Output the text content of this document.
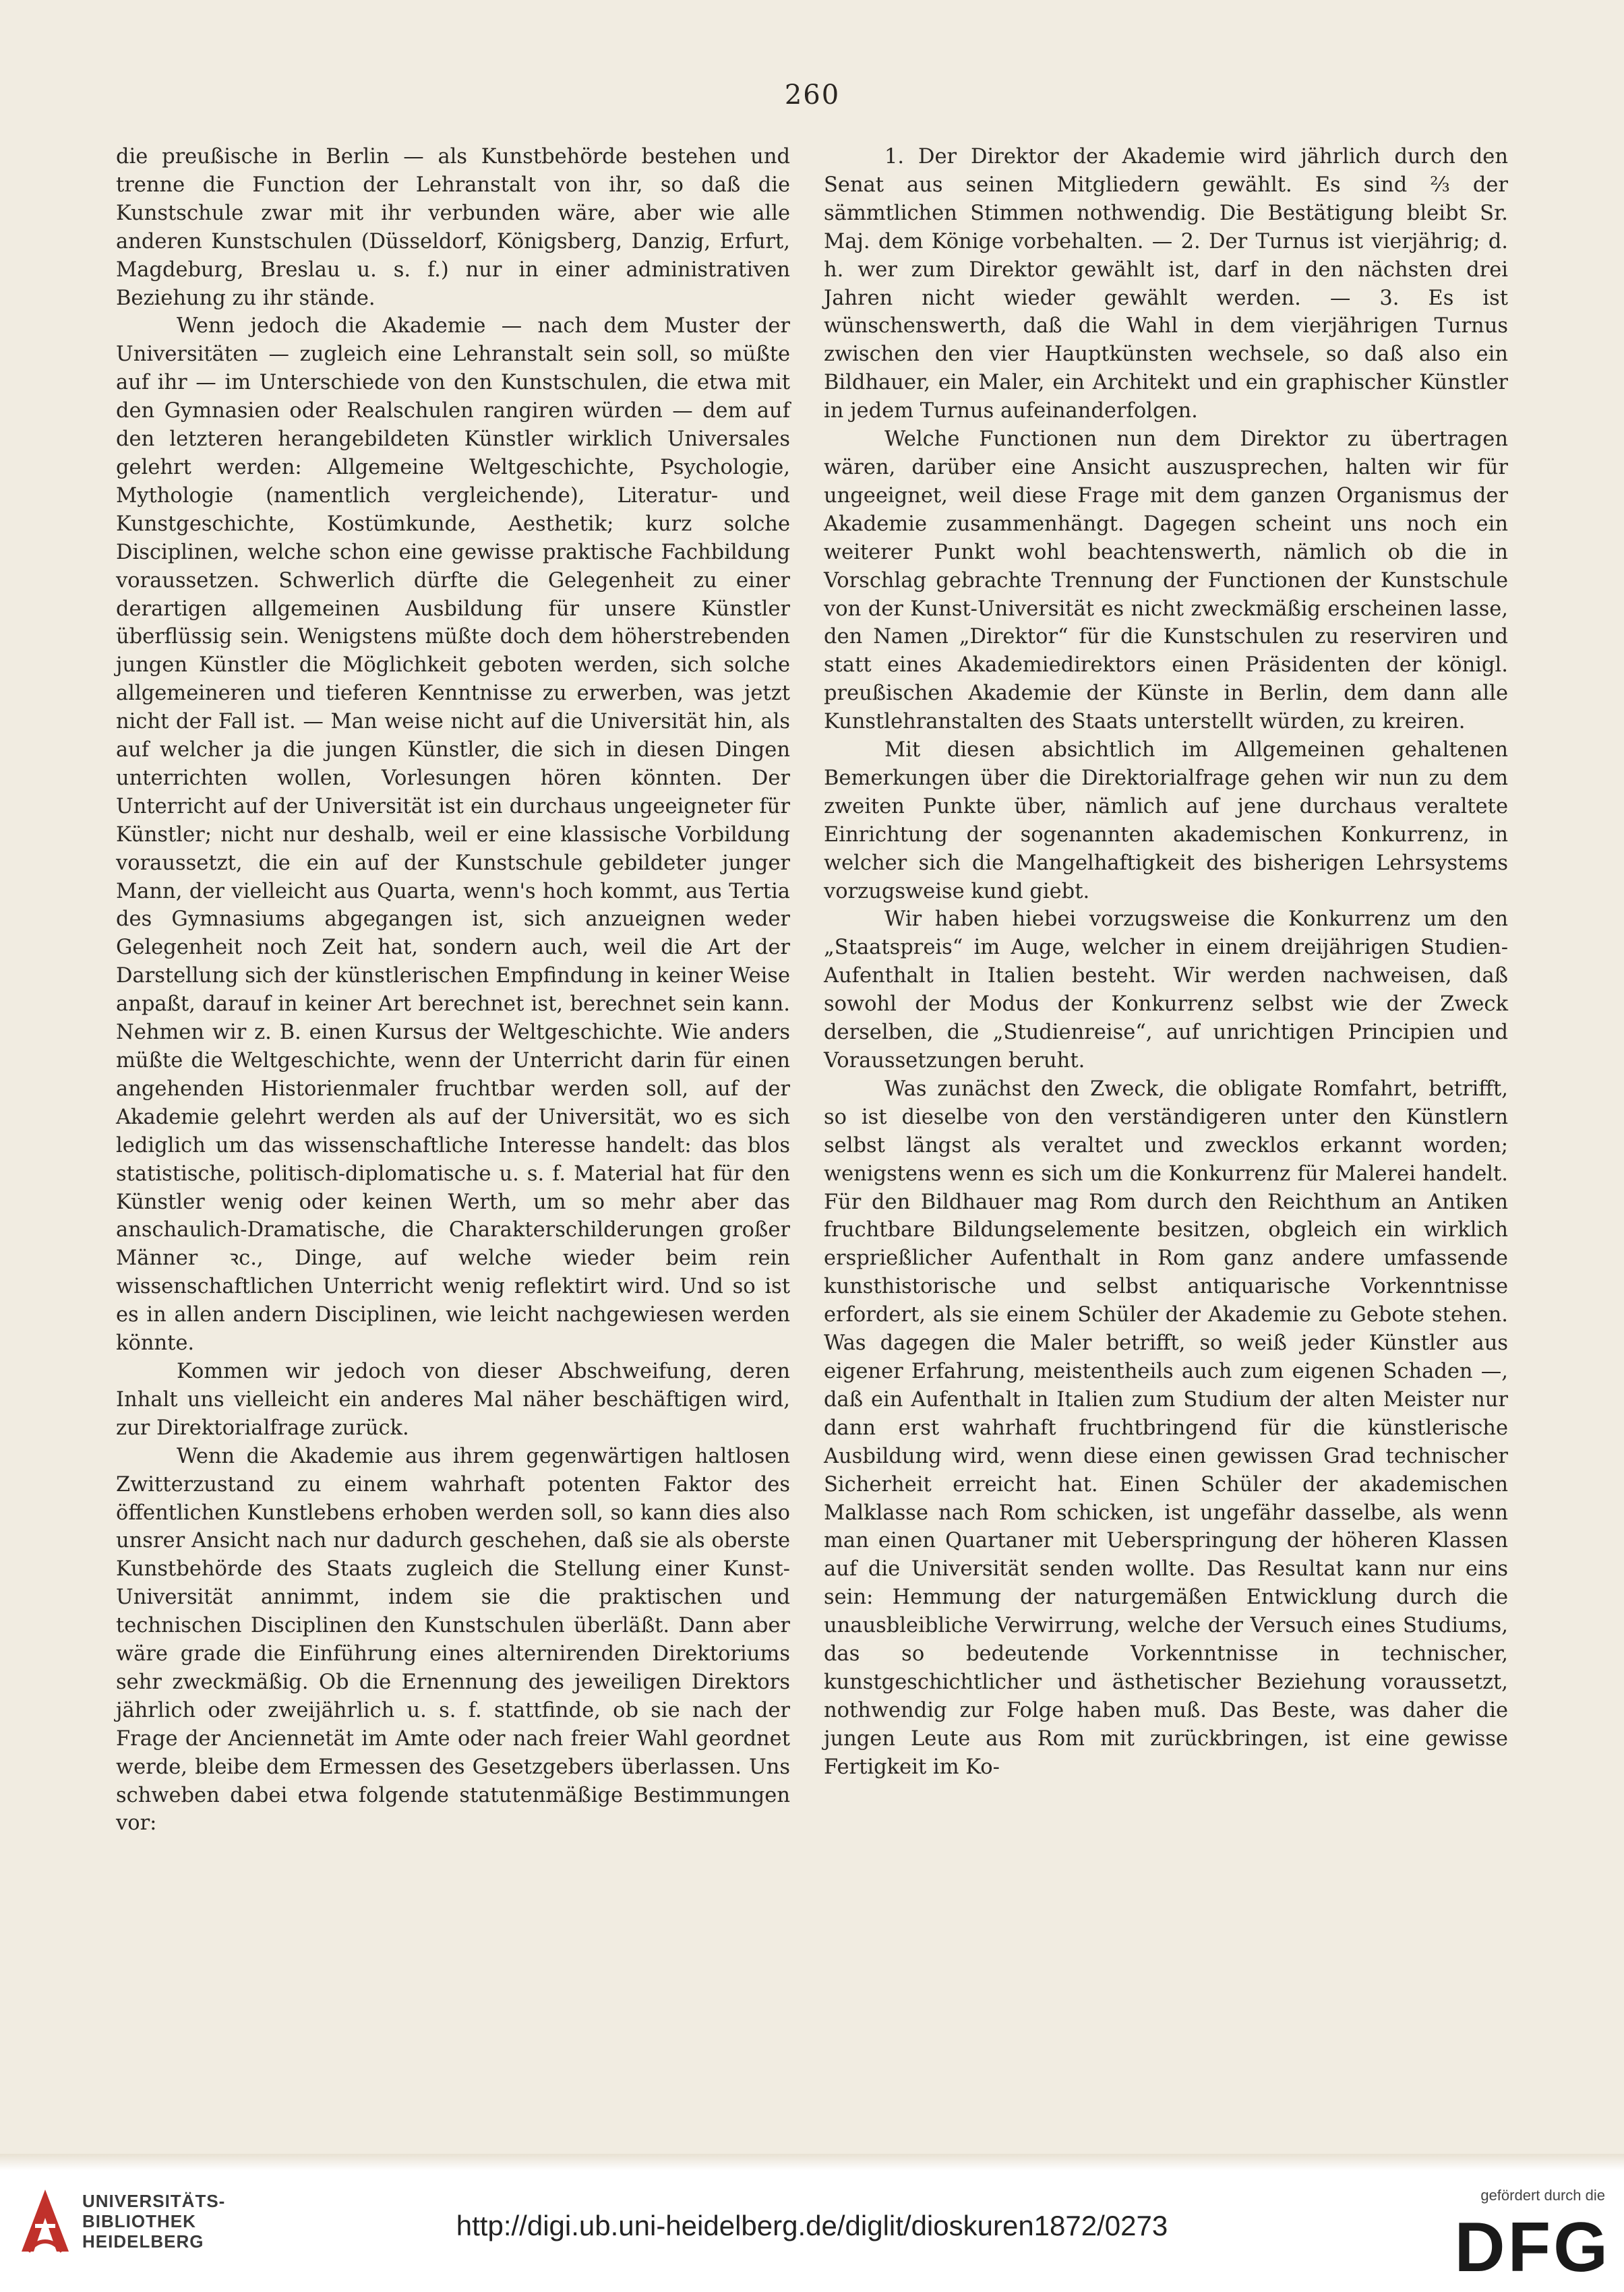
260

die preußische in Berlin — als Kunstbehörde bestehen und trenne die Function der Lehranstalt von ihr, so daß die Kunstschule zwar mit ihr verbunden wäre, aber wie alle anderen Kunstschulen (Düsseldorf, Königsberg, Danzig, Erfurt, Magdeburg, Breslau u. s. f.) nur in einer administrativen Beziehung zu ihr stände.

Wenn jedoch die Akademie — nach dem Muster der Universitäten — zugleich eine Lehranstalt sein soll, so müßte auf ihr — im Unterschiede von den Kunstschulen, die etwa mit den Gymnasien oder Realschulen rangiren würden — dem auf den letzteren herangebildeten Künstler wirklich Universales gelehrt werden: Allgemeine Weltgeschichte, Psychologie, Mythologie (namentlich vergleichende), Literatur- und Kunstgeschichte, Kostümkunde, Aesthetik; kurz solche Disciplinen, welche schon eine gewisse praktische Fachbildung voraussetzen. Schwerlich dürfte die Gelegenheit zu einer derartigen allgemeinen Ausbildung für unsere Künstler überflüssig sein. Wenigstens müßte doch dem höherstrebenden jungen Künstler die Möglichkeit geboten werden, sich solche allgemeineren und tieferen Kenntnisse zu erwerben, was jetzt nicht der Fall ist. — Man weise nicht auf die Universität hin, als auf welcher ja die jungen Künstler, die sich in diesen Dingen unterrichten wollen, Vorlesungen hören könnten. Der Unterricht auf der Universität ist ein durchaus ungeeigneter für Künstler; nicht nur deshalb, weil er eine klassische Vorbildung voraussetzt, die ein auf der Kunstschule gebildeter junger Mann, der vielleicht aus Quarta, wenn's hoch kommt, aus Tertia des Gymnasiums abgegangen ist, sich anzueignen weder Gelegenheit noch Zeit hat, sondern auch, weil die Art der Darstellung sich der künstlerischen Empfindung in keiner Weise anpaßt, darauf in keiner Art berechnet ist, berechnet sein kann. Nehmen wir z. B. einen Kursus der Weltgeschichte. Wie anders müßte die Weltgeschichte, wenn der Unterricht darin für einen angehenden Historienmaler fruchtbar werden soll, auf der Akademie gelehrt werden als auf der Universität, wo es sich lediglich um das wissenschaftliche Interesse handelt: das blos statistische, politisch-diplomatische u. s. f. Material hat für den Künstler wenig oder keinen Werth, um so mehr aber das anschaulich-Dramatische, die Charakterschilderungen großer Männer ꝛc., Dinge, auf welche wieder beim rein wissenschaftlichen Unterricht wenig reflektirt wird. Und so ist es in allen andern Disciplinen, wie leicht nachgewiesen werden könnte.

Kommen wir jedoch von dieser Abschweifung, deren Inhalt uns vielleicht ein anderes Mal näher beschäftigen wird, zur Direktorialfrage zurück.

Wenn die Akademie aus ihrem gegenwärtigen haltlosen Zwitterzustand zu einem wahrhaft potenten Faktor des öffentlichen Kunstlebens erhoben werden soll, so kann dies also unsrer Ansicht nach nur dadurch geschehen, daß sie als oberste Kunstbehörde des Staats zugleich die Stellung einer Kunst-Universität annimmt, indem sie die praktischen und technischen Disciplinen den Kunstschulen überläßt. Dann aber wäre grade die Einführung eines alternirenden Direktoriums sehr zweckmäßig. Ob die Ernennung des jeweiligen Direktors jährlich oder zweijährlich u. s. f. stattfinde, ob sie nach der Frage der Anciennetät im Amte oder nach freier Wahl geordnet werde, bleibe dem Ermessen des Gesetzgebers überlassen. Uns schweben dabei etwa folgende statutenmäßige Bestimmungen vor:

1. Der Direktor der Akademie wird jährlich durch den Senat aus seinen Mitgliedern gewählt. Es sind ⅔ der sämmtlichen Stimmen nothwendig. Die Bestätigung bleibt Sr. Maj. dem Könige vorbehalten. — 2. Der Turnus ist vierjährig; d. h. wer zum Direktor gewählt ist, darf in den nächsten drei Jahren nicht wieder gewählt werden. — 3. Es ist wünschenswerth, daß die Wahl in dem vierjährigen Turnus zwischen den vier Hauptkünsten wechsele, so daß also ein Bildhauer, ein Maler, ein Architekt und ein graphischer Künstler in jedem Turnus aufeinanderfolgen.

Welche Functionen nun dem Direktor zu übertragen wären, darüber eine Ansicht auszusprechen, halten wir für ungeeignet, weil diese Frage mit dem ganzen Organismus der Akademie zusammenhängt. Dagegen scheint uns noch ein weiterer Punkt wohl beachtenswerth, nämlich ob die in Vorschlag gebrachte Trennung der Functionen der Kunstschule von der Kunst-Universität es nicht zweckmäßig erscheinen lasse, den Namen „Direktor“ für die Kunstschulen zu reserviren und statt eines Akademiedirektors einen Präsidenten der königl. preußischen Akademie der Künste in Berlin, dem dann alle Kunstlehranstalten des Staats unterstellt würden, zu kreiren.

Mit diesen absichtlich im Allgemeinen gehaltenen Bemerkungen über die Direktorialfrage gehen wir nun zu dem zweiten Punkte über, nämlich auf jene durchaus veraltete Einrichtung der sogenannten akademischen Konkurrenz, in welcher sich die Mangelhaftigkeit des bisherigen Lehrsystems vorzugsweise kund giebt.

Wir haben hiebei vorzugsweise die Konkurrenz um den „Staatspreis“ im Auge, welcher in einem dreijährigen Studien-Aufenthalt in Italien besteht. Wir werden nachweisen, daß sowohl der Modus der Konkurrenz selbst wie der Zweck derselben, die „Studienreise“, auf unrichtigen Principien und Voraussetzungen beruht.

Was zunächst den Zweck, die obligate Romfahrt, betrifft, so ist dieselbe von den verständigeren unter den Künstlern selbst längst als veraltet und zwecklos erkannt worden; wenigstens wenn es sich um die Konkurrenz für Malerei handelt. Für den Bildhauer mag Rom durch den Reichthum an Antiken fruchtbare Bildungselemente besitzen, obgleich ein wirklich ersprießlicher Aufenthalt in Rom ganz andere umfassende kunsthistorische und selbst antiquarische Vorkenntnisse erfordert, als sie einem Schüler der Akademie zu Gebote stehen. Was dagegen die Maler betrifft, so weiß jeder Künstler aus eigener Erfahrung, meistentheils auch zum eigenen Schaden —, daß ein Aufenthalt in Italien zum Studium der alten Meister nur dann erst wahrhaft fruchtbringend für die künstlerische Ausbildung wird, wenn diese einen gewissen Grad technischer Sicherheit erreicht hat. Einen Schüler der akademischen Malklasse nach Rom schicken, ist ungefähr dasselbe, als wenn man einen Quartaner mit Ueberspringung der höheren Klassen auf die Universität senden wollte. Das Resultat kann nur eins sein: Hemmung der naturgemäßen Entwicklung durch die unausbleibliche Verwirrung, welche der Versuch eines Studiums, das so bedeutende Vorkenntnisse in technischer, kunstgeschichtlicher und ästhetischer Beziehung voraussetzt, nothwendig zur Folge haben muß. Das Beste, was daher die jungen Leute aus Rom mit zurückbringen, ist eine gewisse Fertigkeit im Ko-

UNIVERSITÄTS-
BIBLIOTHEK
HEIDELBERG	http://digi.ub.uni-heidelberg.de/diglit/dioskuren1872/0273
gefördert durch die
DFG
